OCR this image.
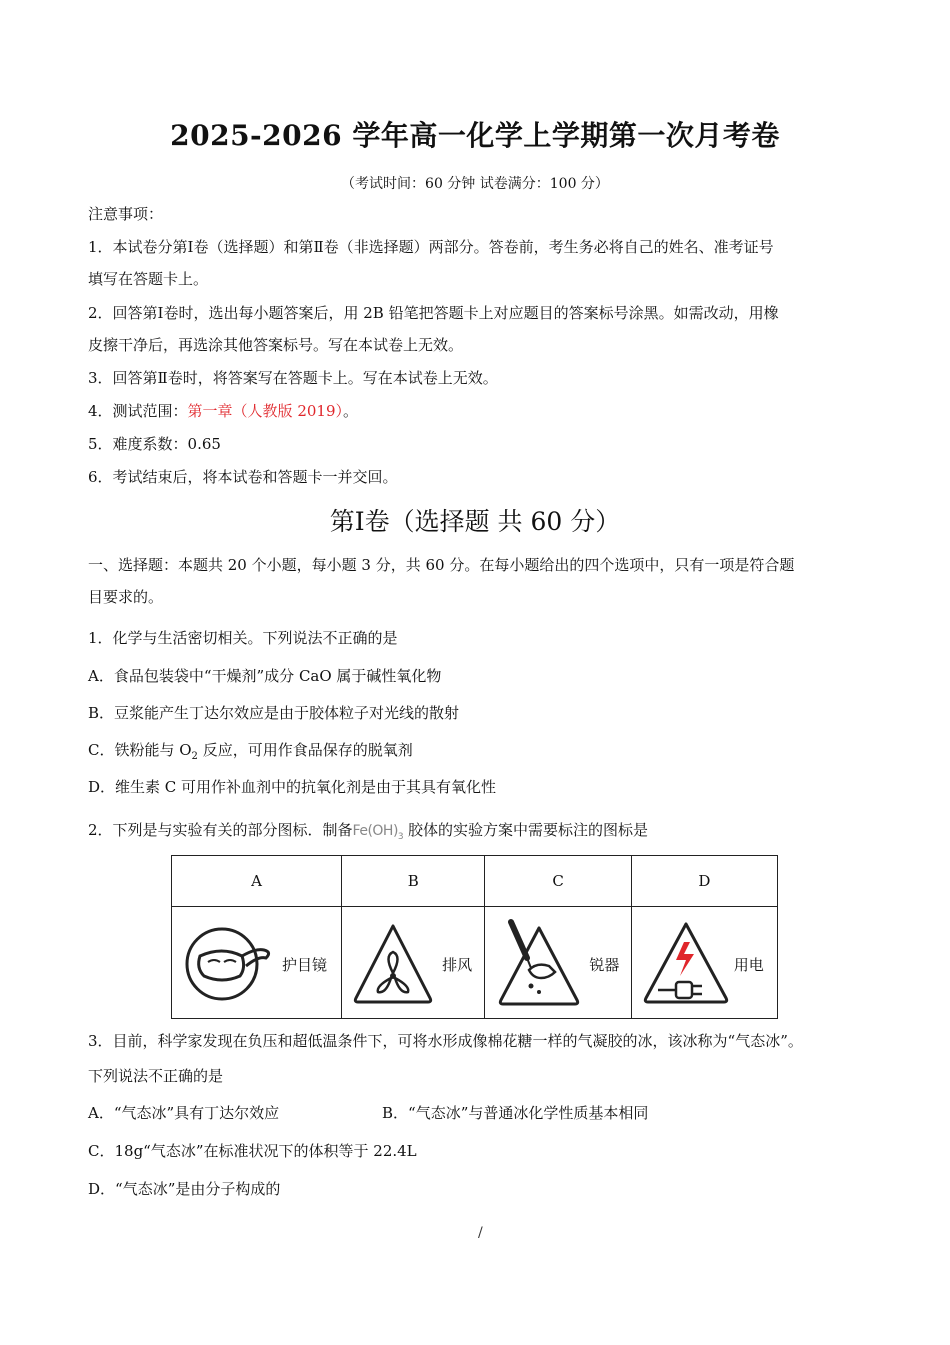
2025-2026 学年高一化学上学期第一次月考卷
（考试时间：60 分钟 试卷满分：100 分）
注意事项：
1．本试卷分第Ⅰ卷（选择题）和第Ⅱ卷（非选择题）两部分。答卷前，考生务必将自己的姓名、准考证号
填写在答题卡上。
2．回答第Ⅰ卷时，选出每小题答案后，用 2B 铅笔把答题卡上对应题目的答案标号涂黑。如需改动，用橡
皮擦干净后，再选涂其他答案标号。写在本试卷上无效。
3．回答第Ⅱ卷时，将答案写在答题卡上。写在本试卷上无效。
4．测试范围：第一章（人教版 2019）。
5．难度系数：0.65
6．考试结束后，将本试卷和答题卡一并交回。
第Ⅰ卷（选择题 共 60 分）
一、选择题：本题共 20 个小题，每小题 3 分，共 60 分。在每小题给出的四个选项中，只有一项是符合题
目要求的。
1．化学与生活密切相关。下列说法不正确的是
A．食品包装袋中“干燥剂”成分 CaO 属于碱性氧化物
B．豆浆能产生丁达尔效应是由于胶体粒子对光线的散射
C．铁粉能与 $O_2$ 反应，可用作食品保存的脱氧剂
D．维生素 C 可用作补血剂中的抗氧化剂是由于其具有氧化性
2．下列是与实验有关的部分图标．制备$Fe(OH)_3$ 胶体的实验方案中需要标注的图标是
A	B	C	D

护目镜	排风	锐器	用电
3．目前，科学家发现在负压和超低温条件下，可将水形成像棉花糖一样的气凝胶的冰，该冰称为“气态冰”。
下列说法不正确的是
A．“气态冰”具有丁达尔效应	B．“气态冰”与普通冰化学性质基本相同
C．18g“气态冰”在标准状况下的体积等于 22.4L
D．“气态冰”是由分子构成的
/
